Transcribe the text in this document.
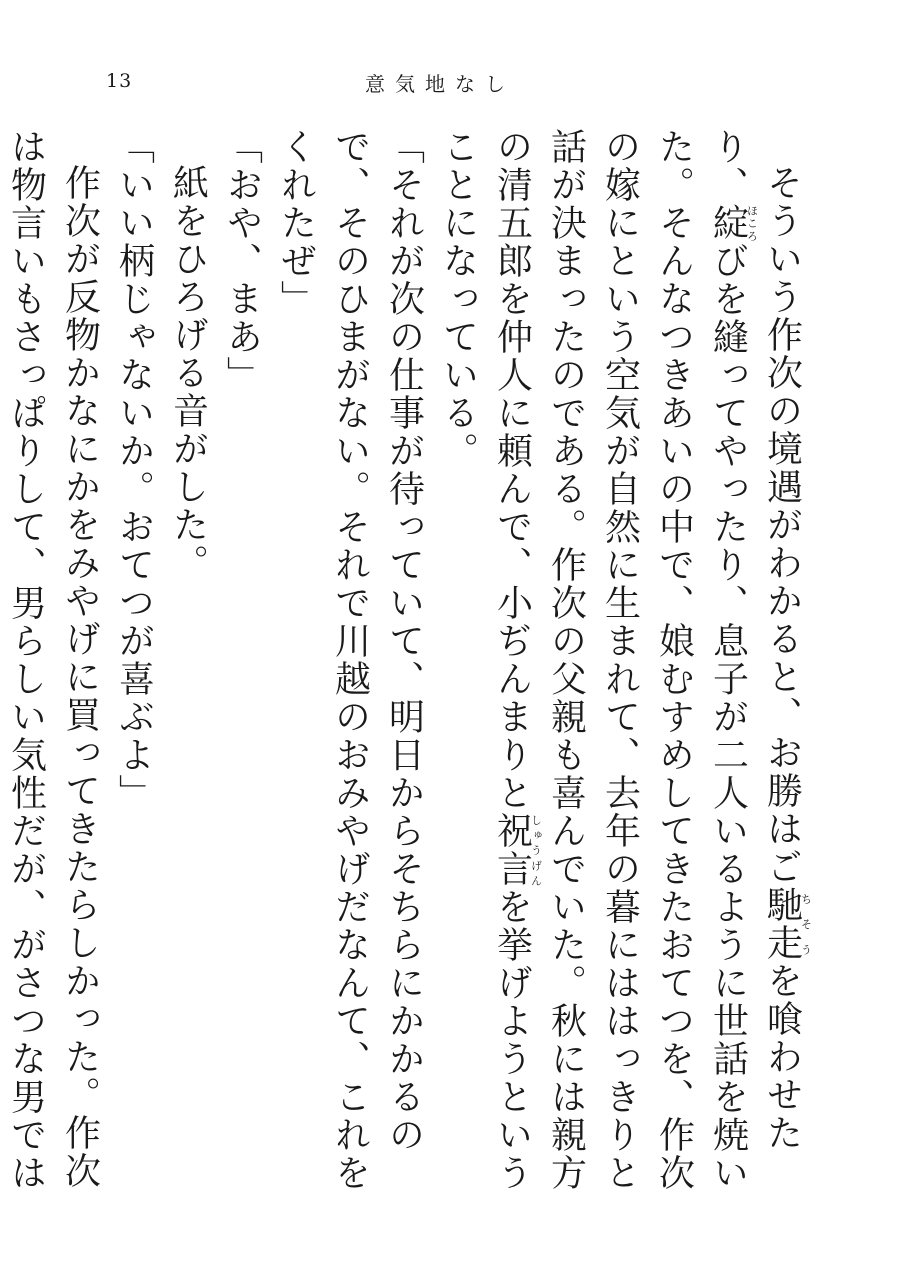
13	意気地なし

そういう作次の境遇がわかると、お勝はご馳走ちそうを喰わせたり、綻ほころびを縫ってやったり、息子が二人いるように世話を焼いた。そんなつきあいの中で、娘むすめしてきたおてつを、作次の嫁にという空気が自然に生まれて、去年の暮にははっきりと話が決まったのである。作次の父親も喜んでいた。秋には親方の清五郎を仲人に頼んで、小ぢんまりと祝言しゅうげんを挙げようということになっている。

「それが次の仕事が待っていて、明日からそちらにかかるので、そのひまがない。それで川越のおみやげだなんて、これをくれたぜ」

「おや、まあ」

紙をひろげる音がした。

「いい柄じゃないか。おてつが喜ぶよ」

作次が反物かなにかをみやげに買ってきたらしかった。作次は物言いもさっぱりして、男らしい気性だが、がさつな男では
